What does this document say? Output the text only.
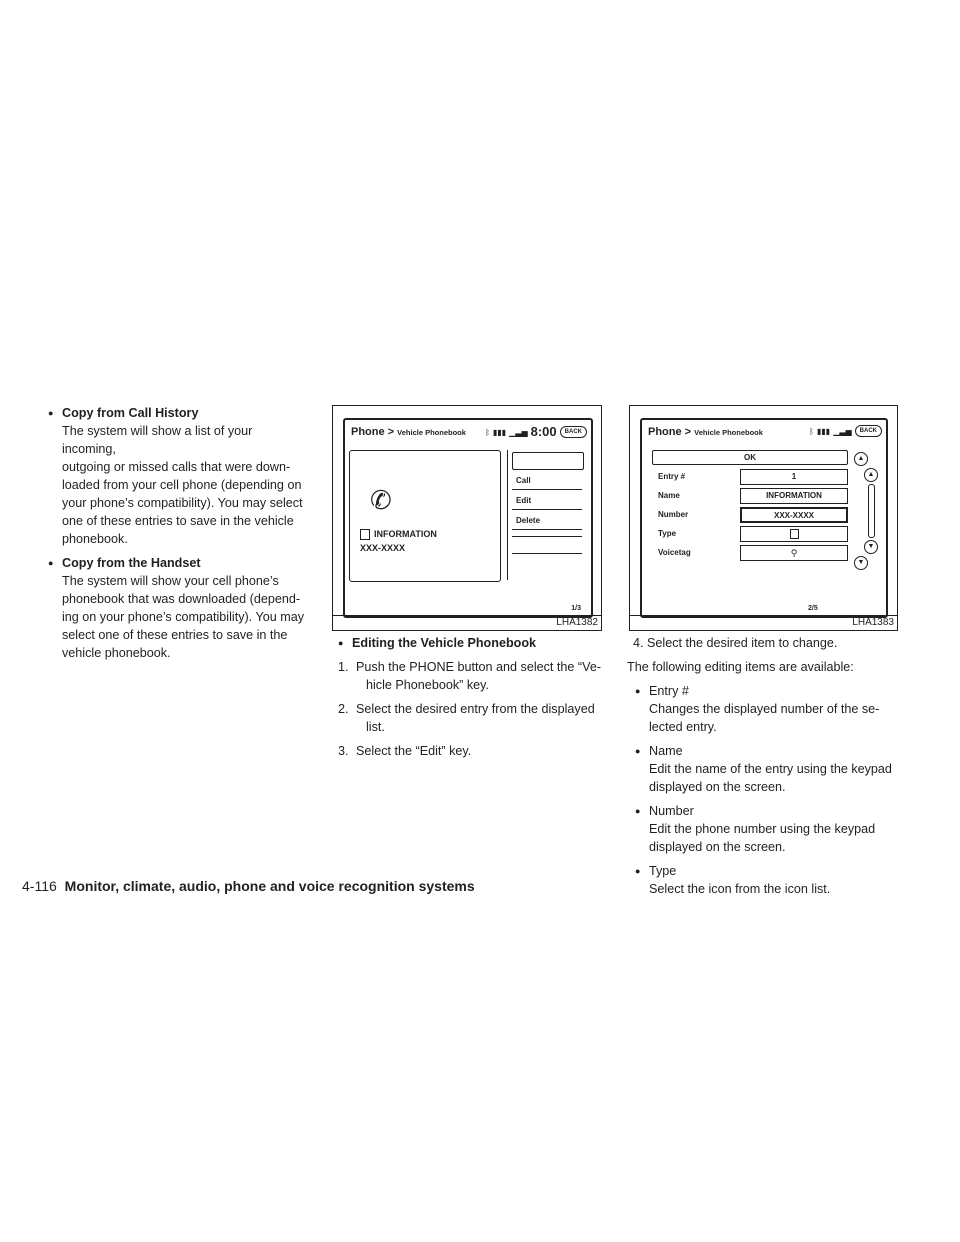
● Copy from Call History
The system will show a list of your incoming,
outgoing or missed calls that were down-
loaded from your cell phone (depending on
your phone’s compatibility). You may select
one of these entries to save in the vehicle
phonebook.
● Copy from the Handset
The system will show your cell phone’s
phonebook that was downloaded (depend-
ing on your phone’s compatibility). You may
select one of these entries to save in the
vehicle phonebook.
Phone > Vehicle Phonebook	ᛒ ▮▮▮ ▁▃▅ 8:00	BACK
✆
INFORMATION
XXX-XXXX
Call
Edit
Delete
1/3
LHA1382
Phone > Vehicle Phonebook	ᛒ ▮▮▮ ▁▃▅	BACK
OK
Entry #	1
Name	INFORMATION
Number	XXX-XXXX
Type
Voicetag	⚲
▲
▲
▼
▼
2/5
LHA1383
● Editing the Vehicle Phonebook
1. Push the PHONE button and select the “Ve-
hicle Phonebook” key.
2. Select the desired entry from the displayed
list.
3. Select the “Edit” key.
4. Select the desired item to change.
The following editing items are available:
● Entry #
Changes the displayed number of the se-
lected entry.
● Name
Edit the name of the entry using the keypad
displayed on the screen.
● Number
Edit the phone number using the keypad
displayed on the screen.
● Type
Select the icon from the icon list.
4-116 Monitor, climate, audio, phone and voice recognition systems
